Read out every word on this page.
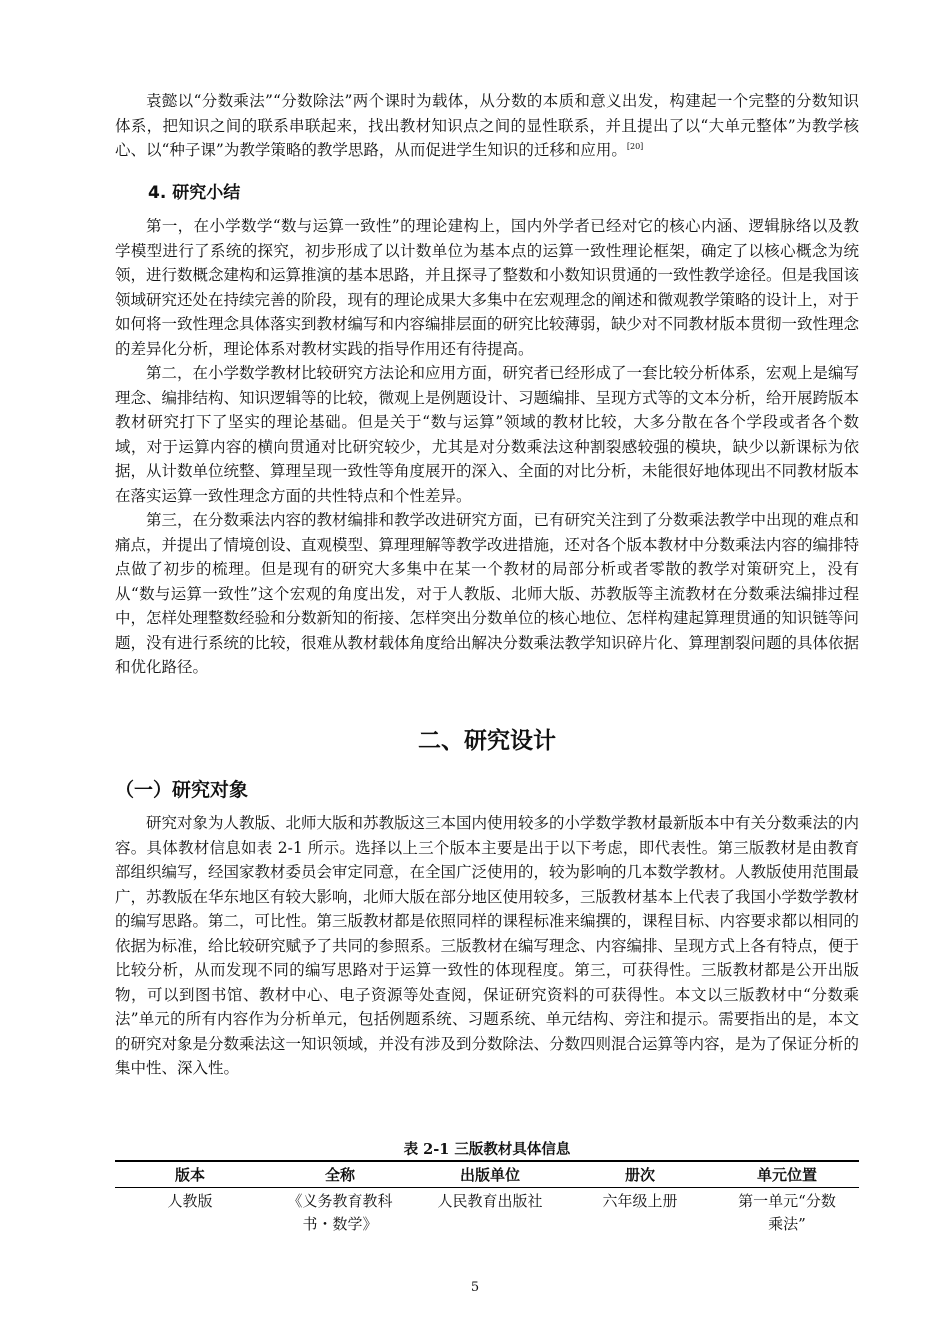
袁懿以“分数乘法”“分数除法”两个课时为载体，从分数的本质和意义出发，构建起一个完整的分数知识体系，把知识之间的联系串联起来，找出教材知识点之间的显性联系，并且提出了以“大单元整体”为教学核心、以“种子课”为教学策略的教学思路，从而促进学生知识的迁移和应用。[20]

4. 研究小结

第一，在小学数学“数与运算一致性”的理论建构上，国内外学者已经对它的核心内涵、逻辑脉络以及教学模型进行了系统的探究，初步形成了以计数单位为基本点的运算一致性理论框架，确定了以核心概念为统领，进行数概念建构和运算推演的基本思路，并且探寻了整数和小数知识贯通的一致性教学途径。但是我国该领域研究还处在持续完善的阶段，现有的理论成果大多集中在宏观理念的阐述和微观教学策略的设计上，对于如何将一致性理念具体落实到教材编写和内容编排层面的研究比较薄弱，缺少对不同教材版本贯彻一致性理念的差异化分析，理论体系对教材实践的指导作用还有待提高。

第二，在小学数学教材比较研究方法论和应用方面，研究者已经形成了一套比较分析体系，宏观上是编写理念、编排结构、知识逻辑等的比较，微观上是例题设计、习题编排、呈现方式等的文本分析，给开展跨版本教材研究打下了坚实的理论基础。但是关于“数与运算”领域的教材比较，大多分散在各个学段或者各个数域，对于运算内容的横向贯通对比研究较少，尤其是对分数乘法这种割裂感较强的模块，缺少以新课标为依据，从计数单位统整、算理呈现一致性等角度展开的深入、全面的对比分析，未能很好地体现出不同教材版本在落实运算一致性理念方面的共性特点和个性差异。

第三，在分数乘法内容的教材编排和教学改进研究方面，已有研究关注到了分数乘法教学中出现的难点和痛点，并提出了情境创设、直观模型、算理理解等教学改进措施，还对各个版本教材中分数乘法内容的编排特点做了初步的梳理。但是现有的研究大多集中在某一个教材的局部分析或者零散的教学对策研究上，没有从“数与运算一致性”这个宏观的角度出发，对于人教版、北师大版、苏教版等主流教材在分数乘法编排过程中，怎样处理整数经验和分数新知的衔接、怎样突出分数单位的核心地位、怎样构建起算理贯通的知识链等问题，没有进行系统的比较，很难从教材载体角度给出解决分数乘法教学知识碎片化、算理割裂问题的具体依据和优化路径。

二、研究设计
（一）研究对象

研究对象为人教版、北师大版和苏教版这三本国内使用较多的小学数学教材最新版本中有关分数乘法的内容。具体教材信息如表 2-1 所示。选择以上三个版本主要是出于以下考虑，即代表性。第三版教材是由教育部组织编写，经国家教材委员会审定同意，在全国广泛使用的，较为影响的几本数学教材。人教版使用范围最广，苏教版在华东地区有较大影响，北师大版在部分地区使用较多，三版教材基本上代表了我国小学数学教材的编写思路。第二，可比性。第三版教材都是依照同样的课程标准来编撰的，课程目标、内容要求都以相同的依据为标准，给比较研究赋予了共同的参照系。三版教材在编写理念、内容编排、呈现方式上各有特点，便于比较分析，从而发现不同的编写思路对于运算一致性的体现程度。第三，可获得性。三版教材都是公开出版物，可以到图书馆、教材中心、电子资源等处查阅，保证研究资料的可获得性。本文以三版教材中“分数乘法”单元的所有内容作为分析单元，包括例题系统、习题系统、单元结构、旁注和提示。需要指出的是，本文的研究对象是分数乘法这一知识领域，并没有涉及到分数除法、分数四则混合运算等内容，是为了保证分析的集中性、深入性。

表 2-1 三版教材具体信息
版本	全称	出版单位	册次	单元位置
人教版	《义务教育教科书・数学》	人民教育出版社	六年级上册	第一单元“分数乘法”
5
